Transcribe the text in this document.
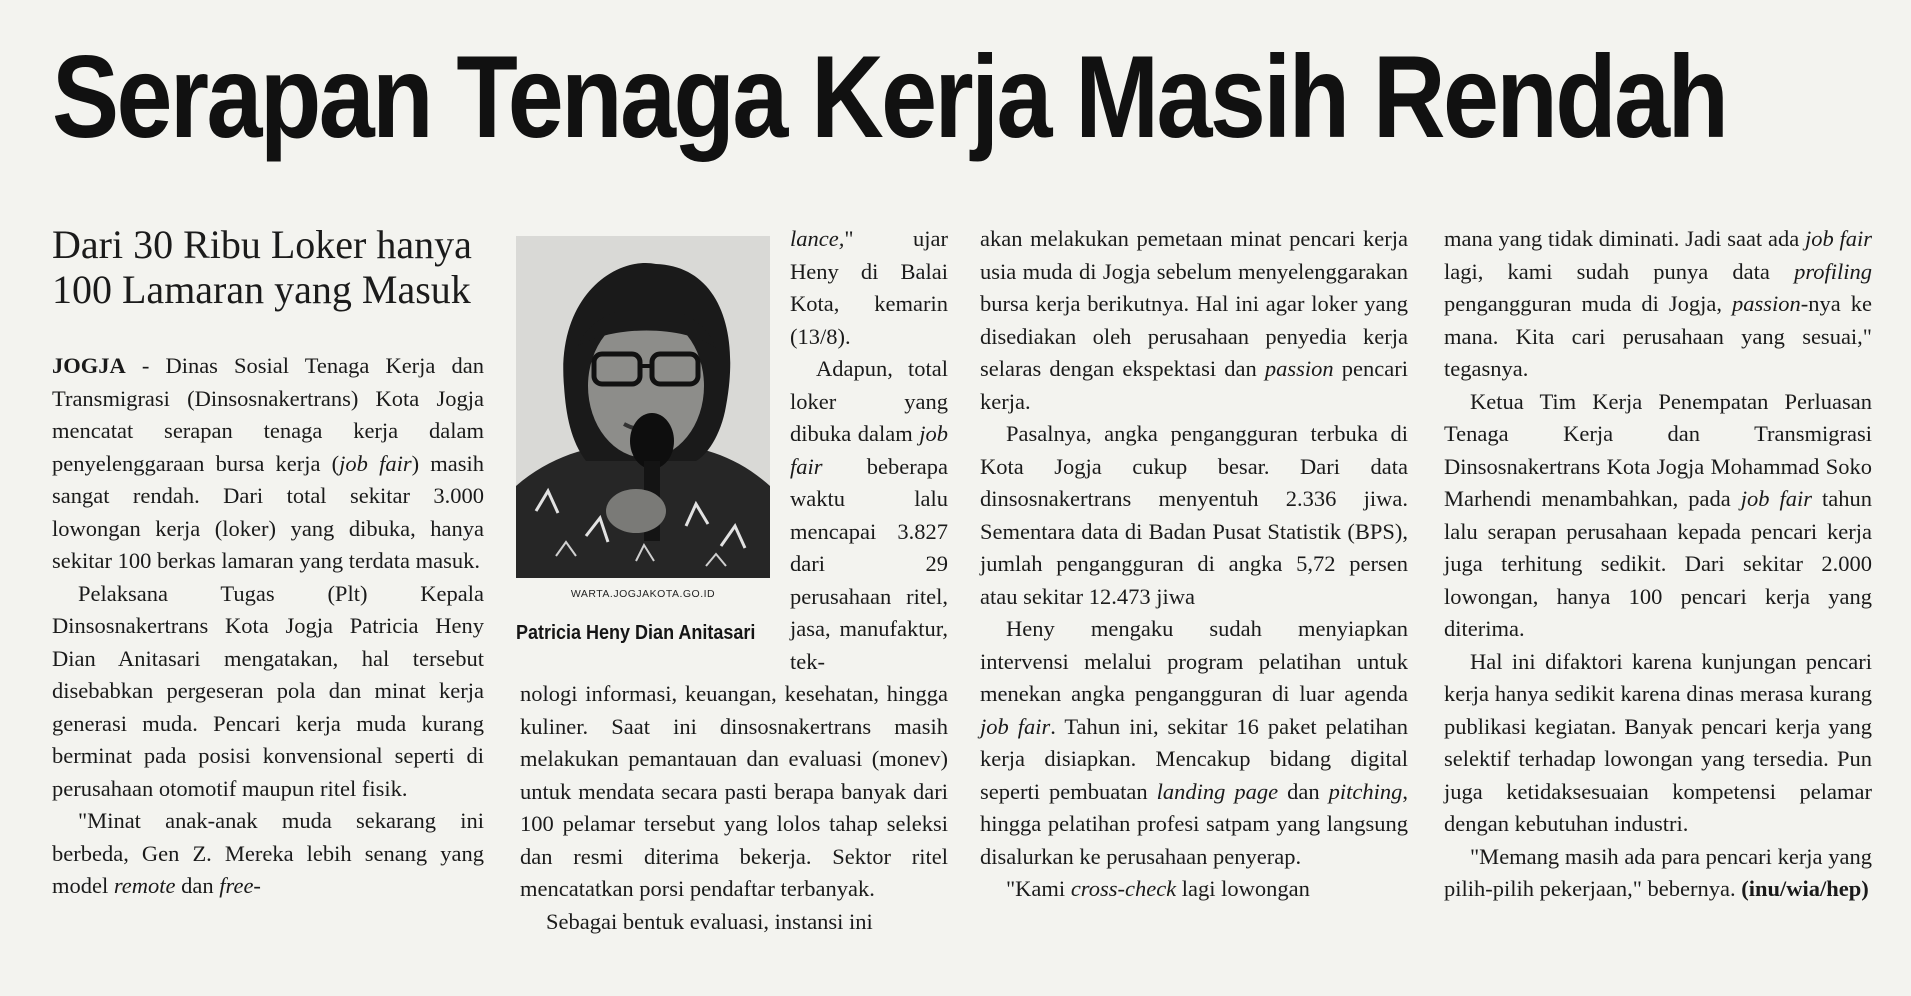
Serapan Tenaga Kerja Masih Rendah
Dari 30 Ribu Loker hanya
100 Lamaran yang Masuk

JOGJA - Dinas Sosial Tenaga Kerja dan Transmigrasi (Dinsosnakertrans) Kota Jogja mencatat serapan tenaga kerja dalam penyelenggaraan bursa kerja (job fair) masih sangat rendah. Dari total sekitar 3.000 lowongan kerja (loker) yang dibuka, hanya sekitar 100 berkas lamaran yang terdata masuk.

Pelaksana Tugas (Plt) Kepala Dinsosnakertrans Kota Jogja Patricia Heny Dian Anitasari mengatakan, hal tersebut disebabkan pergeseran pola dan minat kerja generasi muda. Pencari kerja muda kurang berminat pada posisi konvensional seperti di perusahaan otomotif maupun ritel fisik.

"Minat anak-anak muda sekarang ini berbeda, Gen Z. Mereka lebih senang yang model remote dan free-

WARTA.JOGJAKOTA.GO.ID
Patricia Heny Dian Anitasari

lance," ujar Heny di Balai Kota, kemarin (13/8).

Adapun, total loker yang dibuka dalam job fair beberapa waktu lalu mencapai 3.827 dari 29 perusahaan ritel, jasa, manufaktur, tek-

nologi informasi, keuangan, kesehatan, hingga kuliner. Saat ini dinsosnakertrans masih melakukan pemantauan dan evaluasi (monev) untuk mendata secara pasti berapa banyak dari 100 pelamar tersebut yang lolos tahap seleksi dan resmi diterima bekerja. Sektor ritel mencatatkan porsi pendaftar terbanyak.

Sebagai bentuk evaluasi, instansi ini

akan melakukan pemetaan minat pencari kerja usia muda di Jogja sebelum menyelenggarakan bursa kerja berikutnya. Hal ini agar loker yang disediakan oleh perusahaan penyedia kerja selaras dengan ekspektasi dan passion pencari kerja.

Pasalnya, angka pengangguran terbuka di Kota Jogja cukup besar. Dari data dinsosnakertrans menyentuh 2.336 jiwa. Sementara data di Badan Pusat Statistik (BPS), jumlah pengangguran di angka 5,72 persen atau sekitar 12.473 jiwa

Heny mengaku sudah menyiapkan intervensi melalui program pelatihan untuk menekan angka pengangguran di luar agenda job fair. Tahun ini, sekitar 16 paket pelatihan kerja disiapkan. Mencakup bidang digital seperti pembuatan landing page dan pitching, hingga pelatihan profesi satpam yang langsung disalurkan ke perusahaan penyerap.

"Kami cross-check lagi lowongan

mana yang tidak diminati. Jadi saat ada job fair lagi, kami sudah punya data profiling pengangguran muda di Jogja, passion-nya ke mana. Kita cari perusahaan yang sesuai," tegasnya.

Ketua Tim Kerja Penempatan Perluasan Tenaga Kerja dan Transmigrasi Dinsosnakertrans Kota Jogja Mohammad Soko Marhendi menambahkan, pada job fair tahun lalu serapan perusahaan kepada pencari kerja juga terhitung sedikit. Dari sekitar 2.000 lowongan, hanya 100 pencari kerja yang diterima.

Hal ini difaktori karena kunjungan pencari kerja hanya sedikit karena dinas merasa kurang publikasi kegiatan. Banyak pencari kerja yang selektif terhadap lowongan yang tersedia. Pun juga ketidaksesuaian kompetensi pelamar dengan kebutuhan industri.

"Memang masih ada para pencari kerja yang pilih-pilih pekerjaan," bebernya. (inu/wia/hep)
